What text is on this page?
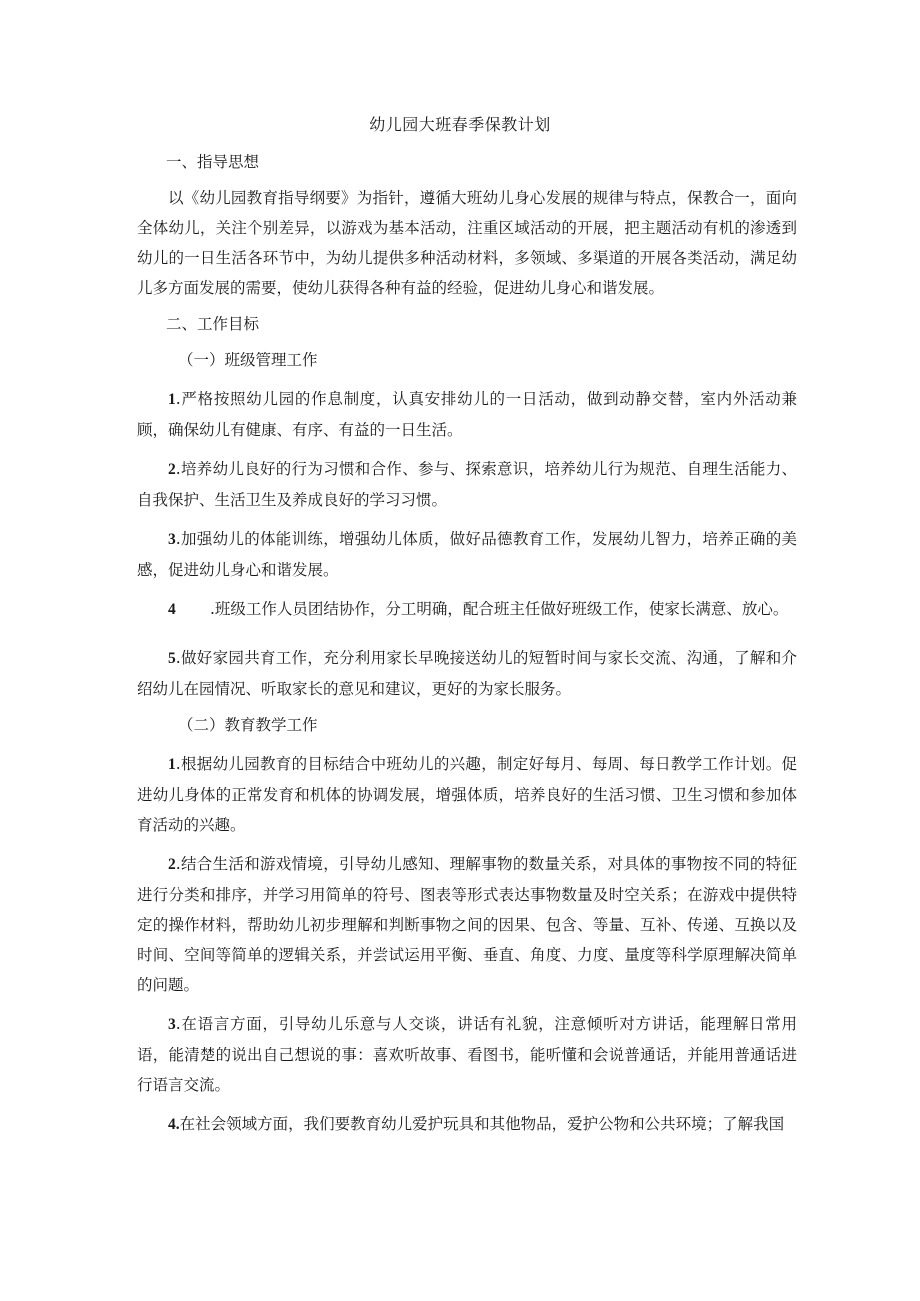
幼儿园大班春季保教计划

一、指导思想

以《幼儿园教育指导纲要》为指针，遵循大班幼儿身心发展的规律与特点，保教合一，面向全体幼儿，关注个别差异，以游戏为基本活动，注重区域活动的开展，把主题活动有机的渗透到幼儿的一日生活各环节中，为幼儿提供多种活动材料，多领域、多渠道的开展各类活动，满足幼儿多方面发展的需要，使幼儿获得各种有益的经验，促进幼儿身心和谐发展。

二、工作目标

（一）班级管理工作

1.严格按照幼儿园的作息制度，认真安排幼儿的一日活动，做到动静交替，室内外活动兼顾，确保幼儿有健康、有序、有益的一日生活。

2.培养幼儿良好的行为习惯和合作、参与、探索意识，培养幼儿行为规范、自理生活能力、自我保护、生活卫生及养成良好的学习习惯。

3.加强幼儿的体能训练，增强幼儿体质，做好品德教育工作，发展幼儿智力，培养正确的美感，促进幼儿身心和谐发展。

4 .班级工作人员团结协作，分工明确，配合班主任做好班级工作，使家长满意、放心。

5.做好家园共育工作，充分利用家长早晚接送幼儿的短暂时间与家长交流、沟通，了解和介绍幼儿在园情况、听取家长的意见和建议，更好的为家长服务。

（二）教育教学工作

1.根据幼儿园教育的目标结合中班幼儿的兴趣，制定好每月、每周、每日教学工作计划。促进幼儿身体的正常发育和机体的协调发展，增强体质，培养良好的生活习惯、卫生习惯和参加体育活动的兴趣。

2.结合生活和游戏情境，引导幼儿感知、理解事物的数量关系，对具体的事物按不同的特征进行分类和排序，并学习用简单的符号、图表等形式表达事物数量及时空关系；在游戏中提供特定的操作材料，帮助幼儿初步理解和判断事物之间的因果、包含、等量、互补、传递、互换以及时间、空间等简单的逻辑关系，并尝试运用平衡、垂直、角度、力度、量度等科学原理解决简单的问题。

3.在语言方面，引导幼儿乐意与人交谈，讲话有礼貌，注意倾听对方讲话，能理解日常用语，能清楚的说出自己想说的事：喜欢听故事、看图书，能听懂和会说普通话，并能用普通话进行语言交流。

4.在社会领域方面，我们要教育幼儿爱护玩具和其他物品，爱护公物和公共环境；了解我国
